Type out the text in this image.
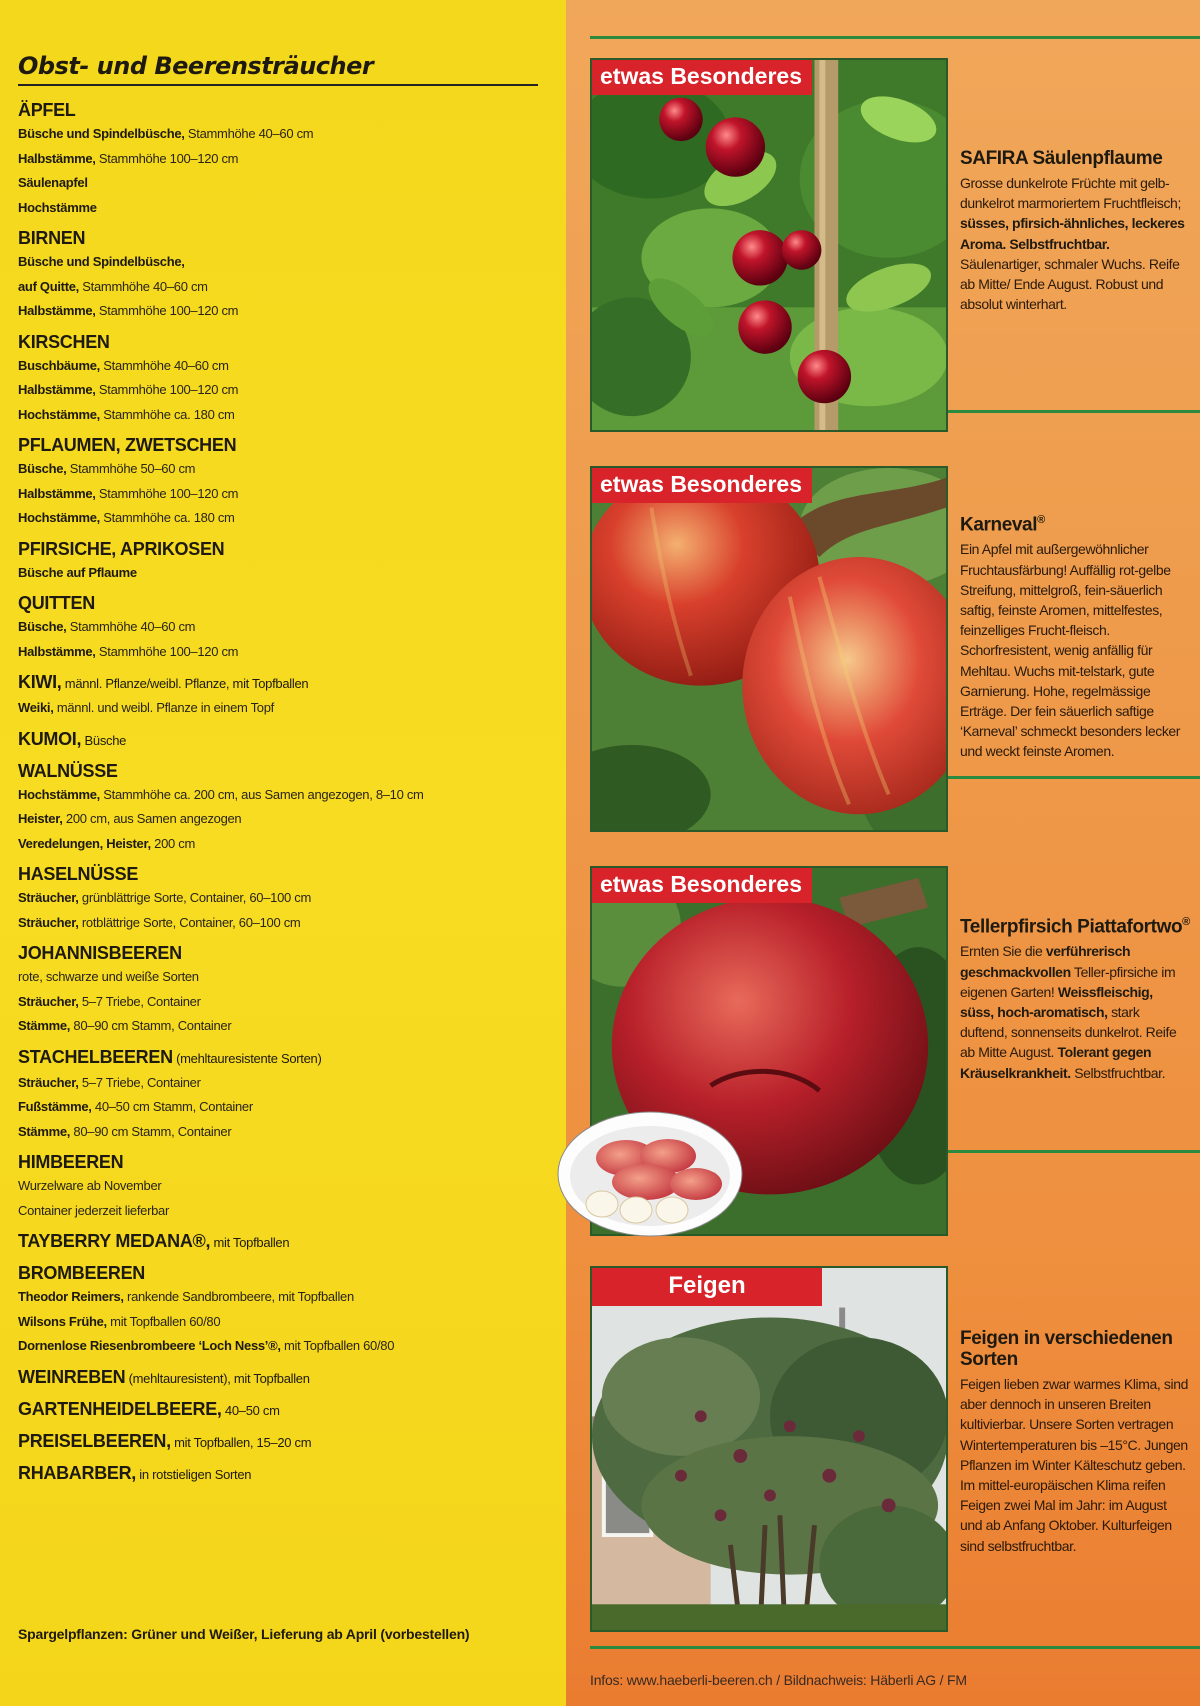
Obst- und Beerensträucher
ÄPFEL
Büsche und Spindelbüsche, Stammhöhe 40–60 cm
Halbstämme, Stammhöhe 100–120 cm
Säulenapfel
Hochstämme
BIRNEN
Büsche und Spindelbüsche,
auf Quitte, Stammhöhe 40–60 cm
Halbstämme, Stammhöhe 100–120 cm
KIRSCHEN
Buschbäume, Stammhöhe 40–60 cm
Halbstämme, Stammhöhe 100–120 cm
Hochstämme, Stammhöhe ca. 180 cm
PFLAUMEN, ZWETSCHEN
Büsche, Stammhöhe 50–60 cm
Halbstämme, Stammhöhe 100–120 cm
Hochstämme, Stammhöhe ca. 180 cm
PFIRSICHE, APRIKOSEN
Büsche auf Pflaume
QUITTEN
Büsche, Stammhöhe 40–60 cm
Halbstämme, Stammhöhe 100–120 cm
KIWI, männl. Pflanze/weibl. Pflanze, mit Topfballen
Weiki, männl. und weibl. Pflanze in einem Topf
KUMOI, Büsche
WALNÜSSE
Hochstämme, Stammhöhe ca. 200 cm, aus Samen angezogen, 8–10 cm
Heister, 200 cm, aus Samen angezogen
Veredelungen, Heister, 200 cm
HASELNÜSSE
Sträucher, grünblättrige Sorte, Container, 60–100 cm
Sträucher, rotblättrige Sorte, Container, 60–100 cm
JOHANNISBEEREN
rote, schwarze und weiße Sorten
Sträucher, 5–7 Triebe, Container
Stämme, 80–90 cm Stamm, Container
STACHELBEEREN (mehltauresistente Sorten)
Sträucher, 5–7 Triebe, Container
Fußstämme, 40–50 cm Stamm, Container
Stämme, 80–90 cm Stamm, Container
HIMBEEREN
Wurzelware ab November
Container jederzeit lieferbar
TAYBERRY MEDANA®, mit Topfballen
BROMBEEREN
Theodor Reimers, rankende Sandbrombeere, mit Topfballen
Wilsons Frühe, mit Topfballen 60/80
Dornenlose Riesenbrombeere ‘Loch Ness’®, mit Topfballen 60/80
WEINREBEN (mehltauresistent), mit Topfballen
GARTENHEIDELBEERE, 40–50 cm
PREISELBEEREN, mit Topfballen, 15–20 cm
RHABARBER, in rotstieligen Sorten
Spargelpflanzen: Grüner und Weißer, Lieferung ab April (vorbestellen)
etwas Besonderes
SAFIRA Säulenpflaume

Grosse dunkelrote Früchte mit gelb-dunkelrot marmoriertem Fruchtfleisch; süsses, pfirsich-ähnliches, leckeres Aroma. Selbstfruchtbar. Säulenartiger, schmaler Wuchs. Reife ab Mitte/ Ende August. Robust und absolut winterhart.

etwas Besonderes
Karneval®

Ein Apfel mit außergewöhnlicher Fruchtausfärbung! Auffällig rot-gelbe Streifung, mittelgroß, fein-säuerlich saftig, feinste Aromen, mittelfestes, feinzelliges Frucht-fleisch. Schorfresistent, wenig anfällig für Mehltau. Wuchs mit-telstark, gute Garnierung. Hohe, regelmässige Erträge. Der fein säuerlich saftige ‘Karneval’ schmeckt besonders lecker und weckt feinste Aromen.

etwas Besonderes
Tellerpfirsich Piattafortwo®

Ernten Sie die verführerisch geschmackvollen Teller-pfirsiche im eigenen Garten! Weissfleischig, süss, hoch-aromatisch, stark duftend, sonnenseits dunkelrot. Reife ab Mitte August. Tolerant gegen Kräuselkrankheit. Selbstfruchtbar.

Feigen
Feigen in verschiedenen Sorten

Feigen lieben zwar warmes Klima, sind aber dennoch in unseren Breiten kultivierbar. Unsere Sorten vertragen Wintertemperaturen bis –15°C. Jungen Pflanzen im Winter Kälteschutz geben. Im mittel-europäischen Klima reifen Feigen zwei Mal im Jahr: im August und ab Anfang Oktober. Kulturfeigen sind selbstfruchtbar.

Infos: www.haeberli-beeren.ch / Bildnachweis: Häberli AG / FM
